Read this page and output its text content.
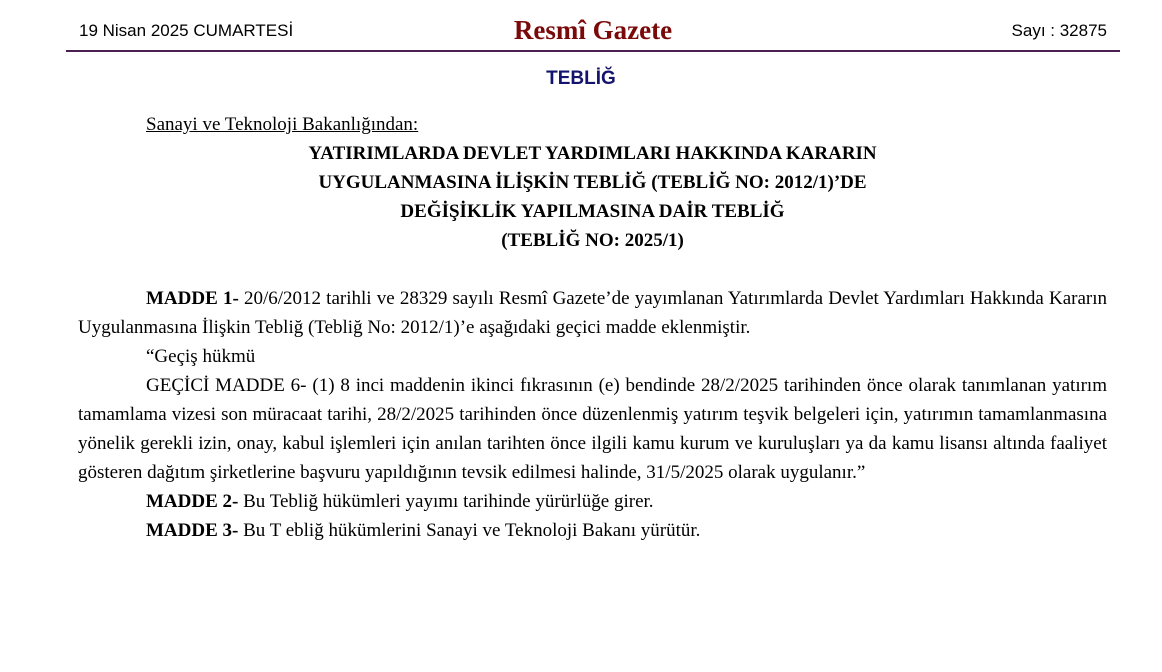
19 Nisan 2025 CUMARTESİ	Resmî Gazete	Sayı : 32875
TEBLİĞ
Sanayi ve Teknoloji Bakanlığından:
YATIRIMLARDA DEVLET YARDIMLARI HAKKINDA KARARIN
UYGULANMASINA İLİŞKİN TEBLİĞ (TEBLİĞ NO: 2012/1)’DE
DEĞİŞİKLİK YAPILMASINA DAİR TEBLİĞ
(TEBLİĞ NO: 2025/1)

MADDE 1- 20/6/2012 tarihli ve 28329 sayılı Resmî Gazete’de yayımlanan Yatırımlarda Devlet Yardımları Hakkında Kararın Uygulanmasına İlişkin Tebliğ (Tebliğ No: 2012/1)’e aşağıdaki geçici madde eklenmiştir.

“Geçiş hükmü

GEÇİCİ MADDE 6- (1) 8 inci maddenin ikinci fıkrasının (e) bendinde 28/2/2025 tarihinden önce olarak tanımlanan yatırım tamamlama vizesi son müracaat tarihi, 28/2/2025 tarihinden önce düzenlenmiş yatırım teşvik belgeleri için, yatırımın tamamlanmasına yönelik gerekli izin, onay, kabul işlemleri için anılan tarihten önce ilgili kamu kurum ve kuruluşları ya da kamu lisansı altında faaliyet gösteren dağıtım şirketlerine başvuru yapıldığının tevsik edilmesi halinde, 31/5/2025 olarak uygulanır.”

MADDE 2- Bu Tebliğ hükümleri yayımı tarihinde yürürlüğe girer.

MADDE 3- Bu T ebliğ hükümlerini Sanayi ve Teknoloji Bakanı yürütür.
